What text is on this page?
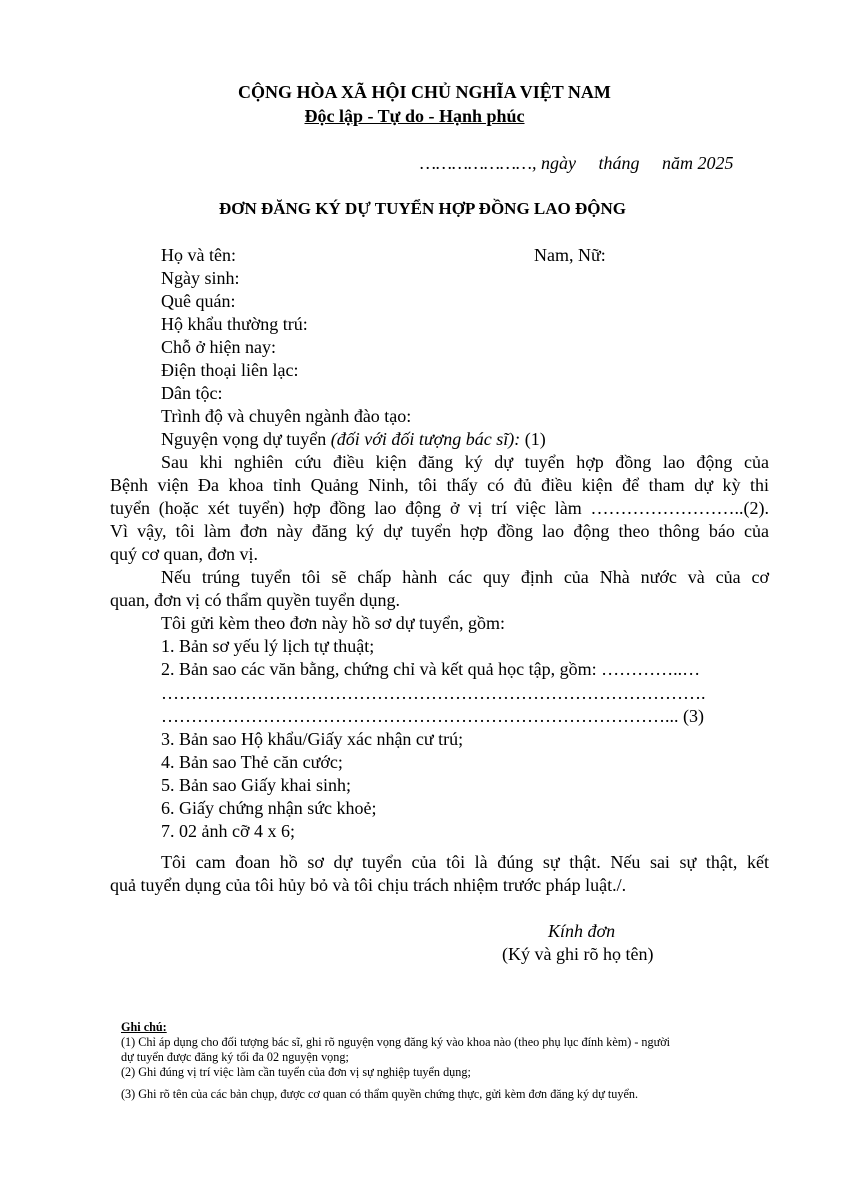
CỘNG HÒA XÃ HỘI CHỦ NGHĨA VIỆT NAM
Độc lập - Tự do - Hạnh phúc
…………………, ngày     tháng     năm 2025
ĐƠN ĐĂNG KÝ DỰ TUYỂN HỢP ĐỒNG LAO ĐỘNG
Họ và tên:	Nam, Nữ:
Ngày sinh:
Quê quán:
Hộ khẩu thường trú:
Chỗ ở hiện nay:
Điện thoại liên lạc:
Dân tộc:
Trình độ và chuyên ngành đào tạo:
Nguyện vọng dự tuyển (đối với đối tượng bác sĩ): (1)
Sau khi nghiên cứu điều kiện đăng ký dự tuyển hợp đồng lao động của
Bệnh viện Đa khoa tỉnh Quảng Ninh, tôi thấy có đủ điều kiện để tham dự kỳ thi
tuyển (hoặc xét tuyển) hợp đồng lao động ở vị trí việc làm ……………………..(2).
Vì vậy, tôi làm đơn này đăng ký dự tuyển hợp đồng lao động theo thông báo của
quý cơ quan, đơn vị.
Nếu trúng tuyển tôi sẽ chấp hành các quy định của Nhà nước và của cơ
quan, đơn vị có thẩm quyền tuyển dụng.
Tôi gửi kèm theo đơn này hồ sơ dự tuyển, gồm:
1. Bản sơ yếu lý lịch tự thuật;
2. Bản sao các văn bằng, chứng chỉ và kết quả học tập, gồm: …………..…
……………………………………………………………………………….
…………………………………………………………………………... (3)
3. Bản sao Hộ khẩu/Giấy xác nhận cư trú;
4. Bản sao Thẻ căn cước;
5. Bản sao Giấy khai sinh;
6. Giấy chứng nhận sức khoẻ;
7. 02 ảnh cỡ 4 x 6;
Tôi cam đoan hồ sơ dự tuyển của tôi là đúng sự thật. Nếu sai sự thật, kết
quả tuyển dụng của tôi hủy bỏ và tôi chịu trách nhiệm trước pháp luật./.
Kính đơn
(Ký và ghi rõ họ tên)
Ghi chú:
(1) Chỉ áp dụng cho đối tượng bác sĩ, ghi rõ nguyện vọng đăng ký vào khoa nào (theo phụ lục đính kèm) - người
dự tuyển được đăng ký tối đa 02 nguyện vọng;
(2) Ghi đúng vị trí việc làm cần tuyển của đơn vị sự nghiệp tuyển dụng;
(3) Ghi rõ tên của các bản chụp, được cơ quan có thẩm quyền chứng thực, gửi kèm đơn đăng ký dự tuyển.
